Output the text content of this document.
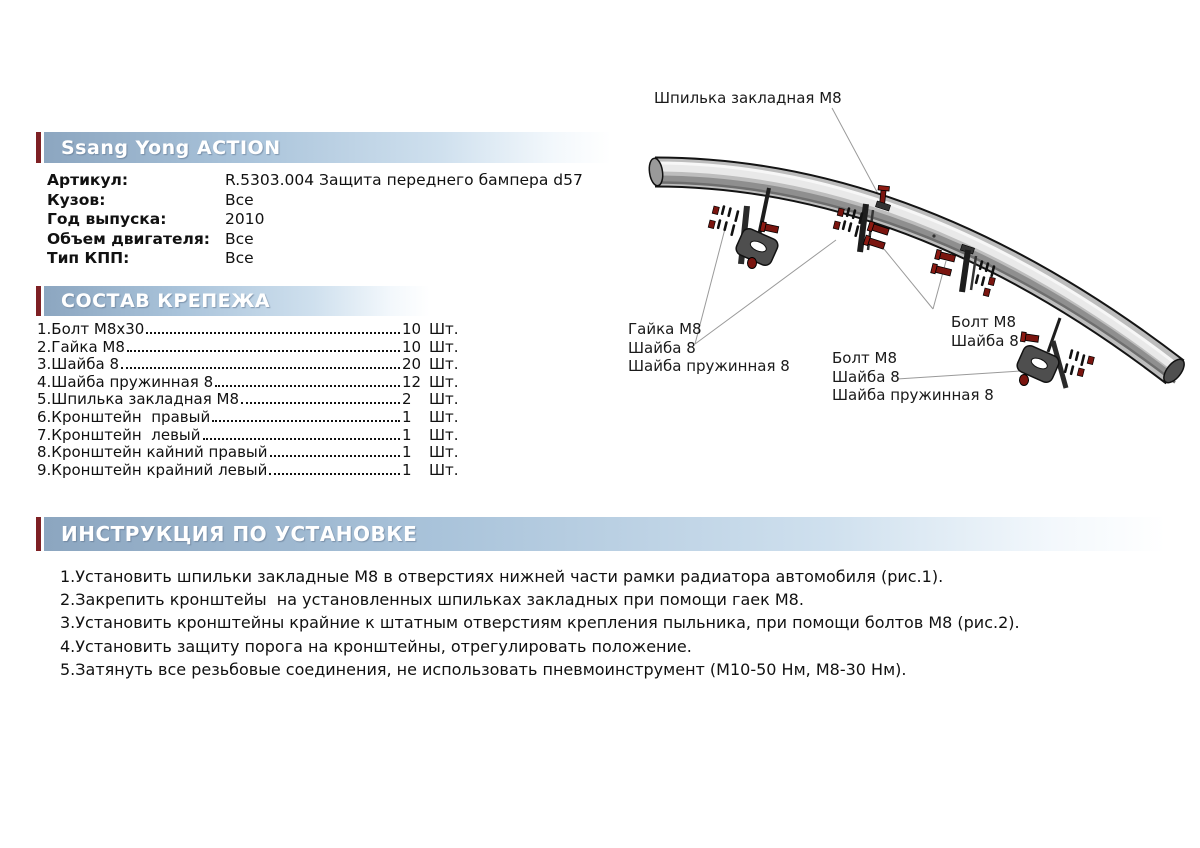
Ssang Yong ACTION
Артикул:	R.5303.004 Защита переднего бампера d57
Кузов:	Все
Год выпуска:	2010
Объем двигателя: Все
Тип КПП:	Все
СОСТАВ КРЕПЕЖА
1.Болт М8х30	10 Шт.
2.Гайка М8	10 Шт.
3.Шайба 8	20 Шт.
4.Шайба пружинная 8	12 Шт.
5.Шпилька закладная М8	2	Шт.
6.Кронштейн  правый	1	Шт.
7.Кронштейн  левый	1	Шт.
8.Кронштейн кайний правый	1	Шт.
9.Кронштейн крайний левый	1	Шт.
ИНСТРУКЦИЯ ПО УСТАНОВКЕ
1.Установить шпильки закладные М8 в отверстиях нижней части рамки радиатора автомобиля (рис.1).
2.Закрепить кронштейы  на установленных шпильках закладных при помощи гаек М8.
3.Установить кронштейны крайние к штатным отверстиям крепления пыльника, при помощи болтов М8 (рис.2).
4.Установить защиту порога на кронштейны, отрегулировать положение.
5.Затянуть все резьбовые соединения, не использовать пневмоинструмент (М10-50 Нм, М8-30 Нм).
Шпилька закладная М8
Гайка М8
Шайба 8
Шайба пружинная 8
Болт М8
Шайба 8
Болт М8
Шайба 8
Шайба пружинная 8
